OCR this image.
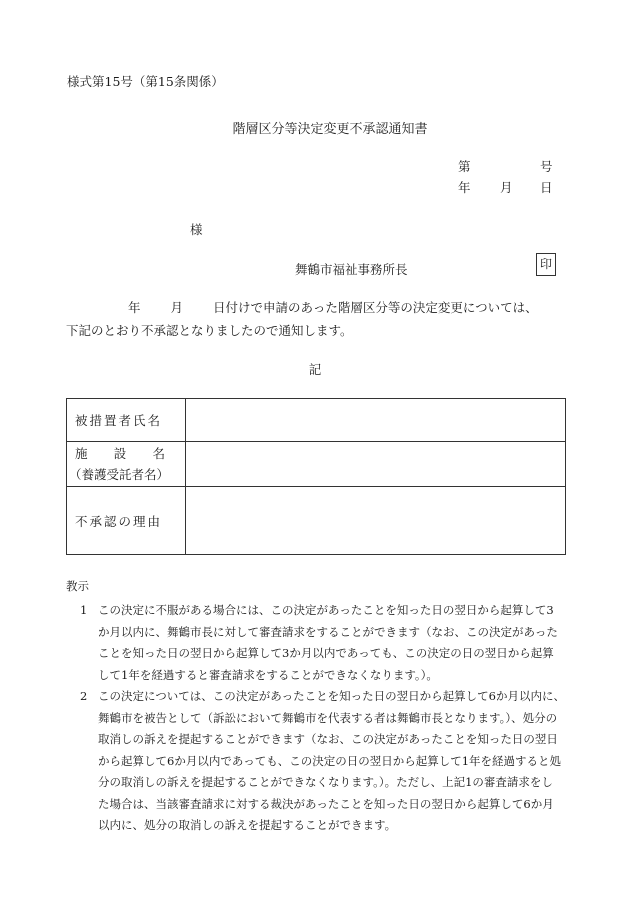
様式第15号（第15条関係）
階層区分等決定変更不承認通知書
第	号
年 月 日
様
舞鶴市福祉事務所長	印
年 月 日付けで申請のあった階層区分等の決定変更については、
下記のとおり不承認となりましたので通知します。
記
被措置者氏名	

施 設 名
（養護受託者名）	

不承認の理由	
教示
1 この決定に不服がある場合には、この決定があったことを知った日の翌日から起算して3
か月以内に、舞鶴市長に対して審査請求をすることができます（なお、この決定があった
ことを知った日の翌日から起算して3か月以内であっても、この決定の日の翌日から起算
して1年を経過すると審査請求をすることができなくなります。）。
2 この決定については、この決定があったことを知った日の翌日から起算して6か月以内に、
舞鶴市を被告として（訴訟において舞鶴市を代表する者は舞鶴市長となります。）、処分の
取消しの訴えを提起することができます（なお、この決定があったことを知った日の翌日
から起算して6か月以内であっても、この決定の日の翌日から起算して1年を経過すると処
分の取消しの訴えを提起することができなくなります。）。ただし、上記1の審査請求をし
た場合は、当該審査請求に対する裁決があったことを知った日の翌日から起算して6か月
以内に、処分の取消しの訴えを提起することができます。
